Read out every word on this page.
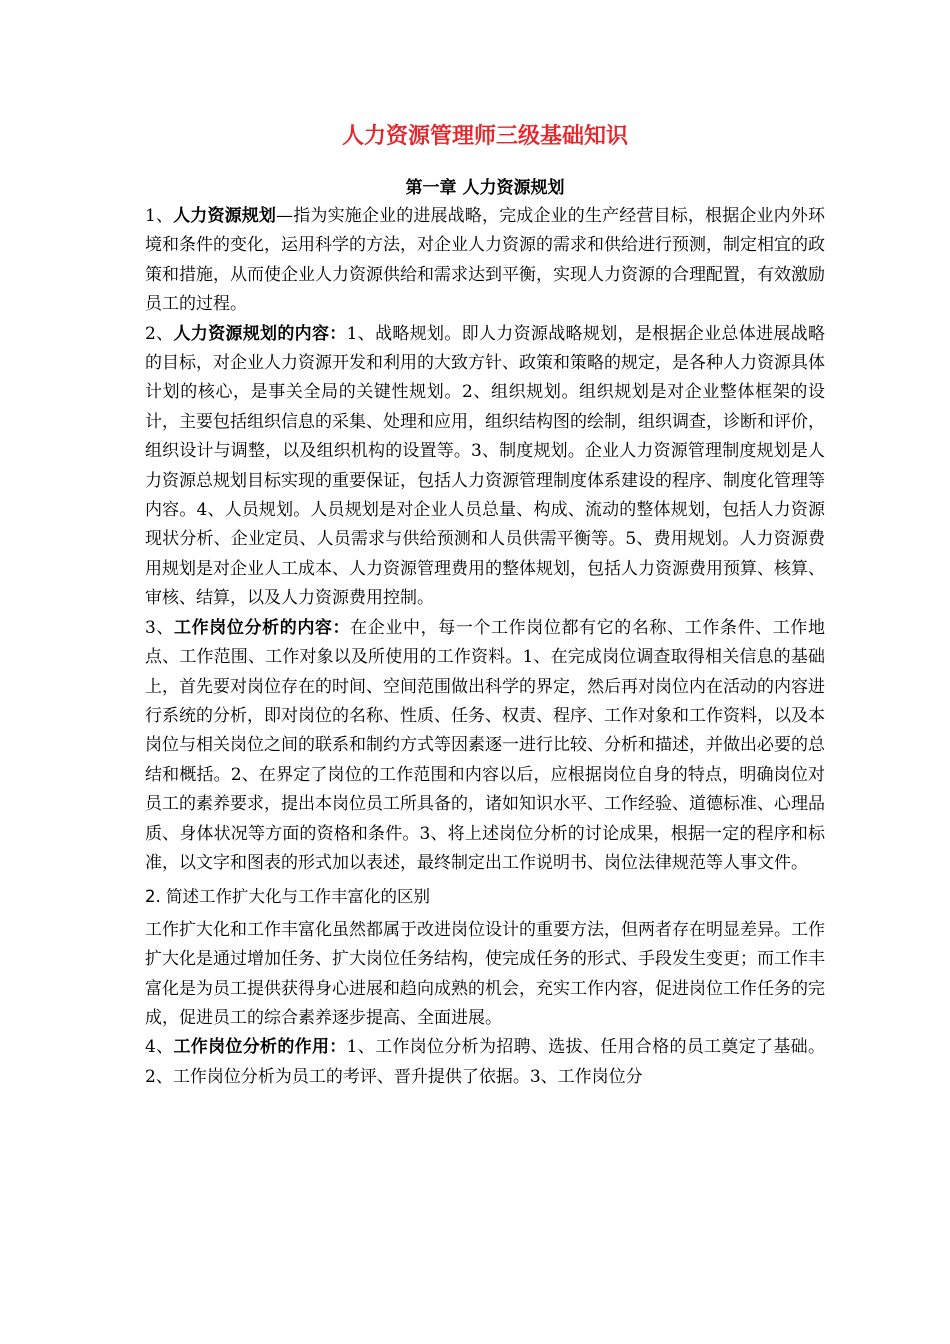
人力资源管理师三级基础知识
第一章 人力资源规划

1、人力资源规划—指为实施企业的进展战略，完成企业的生产经营目标，根据企业内外环境和条件的变化，运用科学的方法，对企业人力资源的需求和供给进行预测，制定相宜的政策和措施，从而使企业人力资源供给和需求达到平衡，实现人力资源的合理配置，有效激励员工的过程。

2、人力资源规划的内容：1、战略规划。即人力资源战略规划，是根据企业总体进展战略的目标，对企业人力资源开发和利用的大致方针、政策和策略的规定，是各种人力资源具体计划的核心，是事关全局的关键性规划。2、组织规划。组织规划是对企业整体框架的设计，主要包括组织信息的采集、处理和应用，组织结构图的绘制，组织调查，诊断和评价，组织设计与调整，以及组织机构的设置等。3、制度规划。企业人力资源管理制度规划是人力资源总规划目标实现的重要保证，包括人力资源管理制度体系建设的程序、制度化管理等内容。4、人员规划。人员规划是对企业人员总量、构成、流动的整体规划，包括人力资源现状分析、企业定员、人员需求与供给预测和人员供需平衡等。5、费用规划。人力资源费用规划是对企业人工成本、人力资源管理费用的整体规划，包括人力资源费用预算、核算、审核、结算，以及人力资源费用控制。

3、工作岗位分析的内容：在企业中，每一个工作岗位都有它的名称、工作条件、工作地点、工作范围、工作对象以及所使用的工作资料。1、在完成岗位调查取得相关信息的基础上，首先要对岗位存在的时间、空间范围做出科学的界定，然后再对岗位内在活动的内容进行系统的分析，即对岗位的名称、性质、任务、权责、程序、工作对象和工作资料，以及本岗位与相关岗位之间的联系和制约方式等因素逐一进行比较、分析和描述，并做出必要的总结和概括。2、在界定了岗位的工作范围和内容以后，应根据岗位自身的特点，明确岗位对员工的素养要求，提出本岗位员工所具备的，诸如知识水平、工作经验、道德标准、心理品质、身体状况等方面的资格和条件。3、将上述岗位分析的讨论成果，根据一定的程序和标准，以文字和图表的形式加以表述，最终制定出工作说明书、岗位法律规范等人事文件。

2. 简述工作扩大化与工作丰富化的区别

工作扩大化和工作丰富化虽然都属于改进岗位设计的重要方法，但两者存在明显差异。工作扩大化是通过增加任务、扩大岗位任务结构，使完成任务的形式、手段发生变更；而工作丰富化是为员工提供获得身心进展和趋向成熟的机会，充实工作内容，促进岗位工作任务的完成，促进员工的综合素养逐步提高、全面进展。

4、工作岗位分析的作用：1、工作岗位分析为招聘、选拔、任用合格的员工奠定了基础。2、工作岗位分析为员工的考评、晋升提供了依据。3、工作岗位分
